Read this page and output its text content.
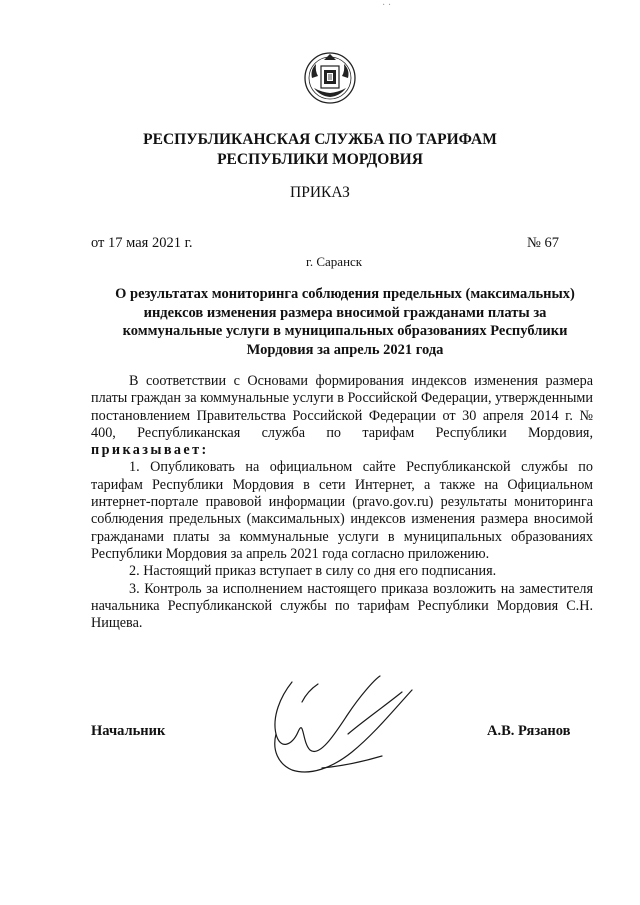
· ·
РЕСПУБЛИКАНСКАЯ СЛУЖБА ПО ТАРИФАМ
РЕСПУБЛИКИ МОРДОВИЯ
ПРИКАЗ
от 17 мая 2021 г.	№ 67
г. Саранск
О результатах мониторинга соблюдения предельных (максимальных)
индексов изменения размера вносимой гражданами платы за
коммунальные услуги в муниципальных образованиях Республики
Мордовия за апрель 2021 года

В соответствии с Основами формирования индексов изменения размера платы граждан за коммунальные услуги в Российской Федерации, утвержденными постановлением Правительства Российской Федерации от 30 апреля 2014 г. № 400, Республиканская служба по тарифам Республики Мордовия, приказывает:

1. Опубликовать на официальном сайте Республиканской службы по тарифам Республики Мордовия в сети Интернет, а также на Официальном интернет-портале правовой информации (pravo.gov.ru) результаты мониторинга соблюдения предельных (максимальных) индексов изменения размера вносимой гражданами платы за коммунальные услуги в муниципальных образованиях Республики Мордовия за апрель 2021 года согласно приложению.

2. Настоящий приказ вступает в силу со дня его подписания.

3. Контроль за исполнением настоящего приказа возложить на заместителя начальника Республиканской службы по тарифам Республики Мордовия С.Н. Нищева.

Начальник	А.В. Рязанов
